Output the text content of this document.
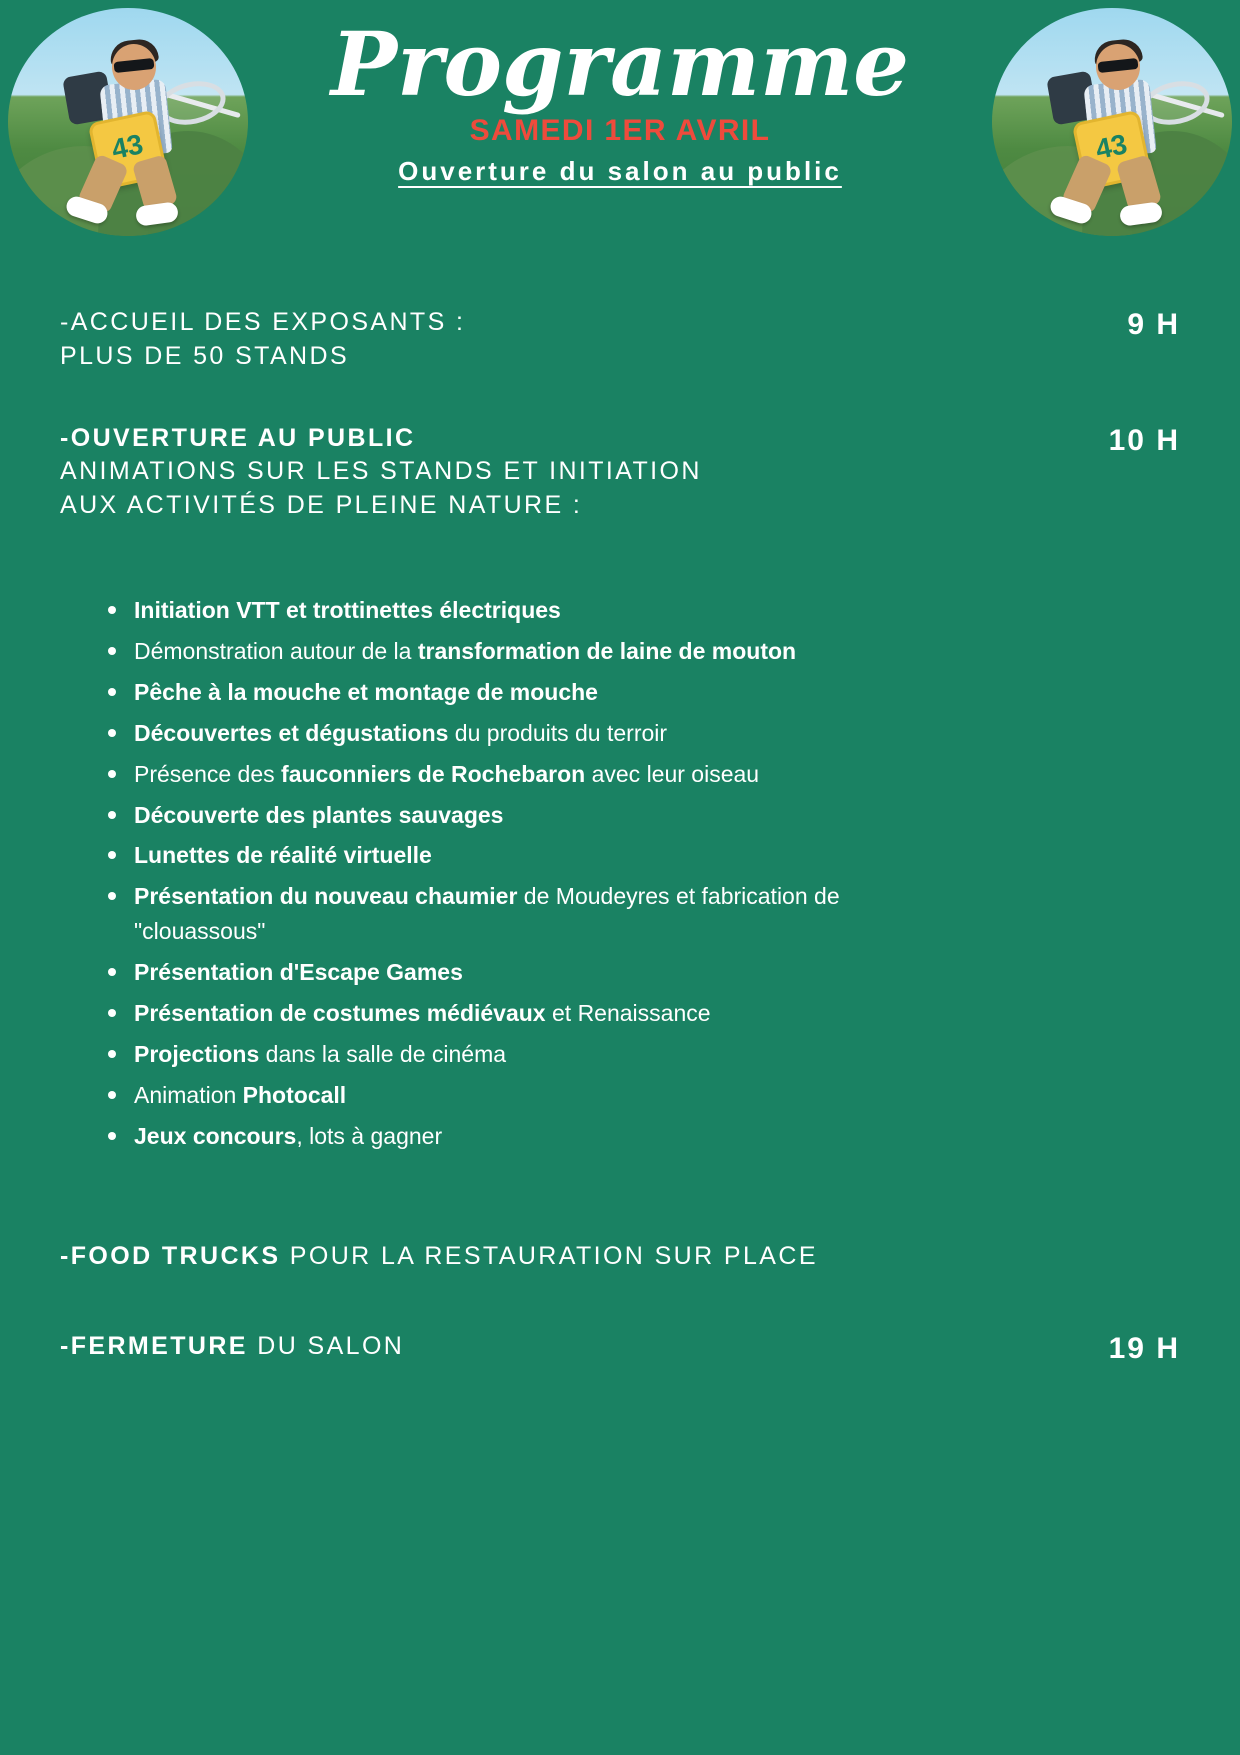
43
43
Programme
SAMEDI 1ER AVRIL
Ouverture du salon au public
-ACCUEIL DES EXPOSANTS :
PLUS DE 50 STANDS
9 H
-OUVERTURE AU PUBLIC
ANIMATIONS SUR LES STANDS ET INITIATION
AUX ACTIVITÉS DE PLEINE NATURE :
10 H
Initiation VTT et trottinettes électriques
Démonstration autour de la transformation de laine de mouton
Pêche à la mouche et montage de mouche
Découvertes et dégustations du produits du terroir
Présence des fauconniers de Rochebaron avec leur oiseau
Découverte des plantes sauvages
Lunettes de réalité virtuelle
Présentation du nouveau chaumier de Moudeyres et fabrication de "clouassous"
Présentation d'Escape Games
Présentation de costumes médiévaux et Renaissance
Projections dans la salle de cinéma
Animation Photocall
Jeux concours, lots à gagner
-FOOD TRUCKS POUR LA RESTAURATION SUR PLACE
-FERMETURE DU SALON	19 H
